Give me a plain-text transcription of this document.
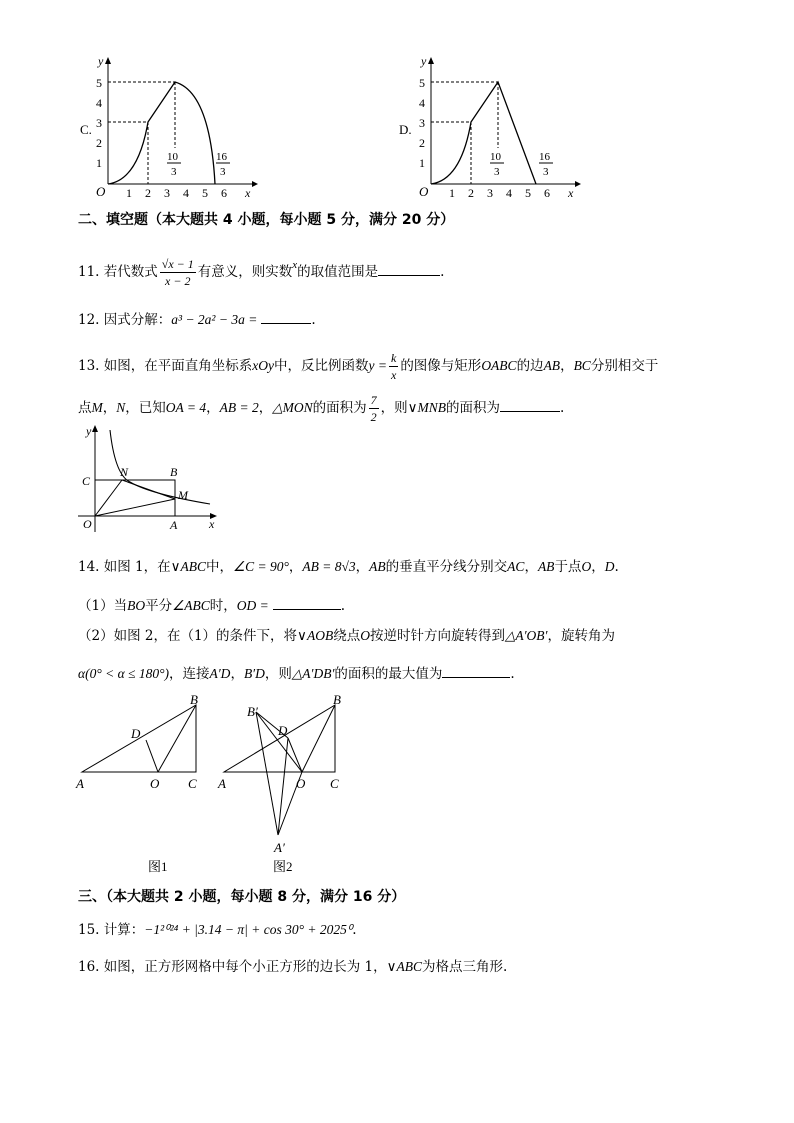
C.
y
x
O
1
2
3
4
5
1 2 3 4 5 6
10
3
16
3
D.
y
x
O
1
2
3
4
5
1 2 3 4 5 6
10
3
16
3
二、填空题（本大题共 4 小题，每小题 5 分，满分 20 分）
11. 若代数式 $\frac{√x - 1}{x - 2}$ 有意义，则实数$^x$的取值范围是	.
12. 因式分解：a³ − 2a² − 3a =	.
13. 如图，在平面直角坐标系xOy中，反比例函数$y = \frac{k}{x}$ 的图像与矩形OABC的边AB，BC分别相交于
点M，N，已知OA = 4，AB = 2，△MON的面积为 $\frac{7}{2}$ ，则∨MNB的面积为	.
y
x
O	A
B
C
N
M
14. 如图 1，在∨ABC中，∠C = 90°，AB = 8√3，AB的垂直平分线分别交AC，AB于点O，D.
（1）当BO平分∠ABC时，OD =	.
（2）如图 2，在（1）的条件下，将∨AOB绕点O按逆时针方向旋转得到△A′OB′，旋转角为
α(0° < α ≤ 180°)，连接A′D，B′D，则△A′DB′的面积的最大值为	.
A
B
C
D
O
图1
A
B
C
D
O
B′
A′
图2
三、（本大题共 2 小题，每小题 8 分，满分 16 分）
15. 计算：−1²⁰²⁴ + |3.14 − π| + cos 30° + 2025⁰.
16. 如图，正方形网格中每个小正方形的边长为 1，∨ABC为格点三角形.
